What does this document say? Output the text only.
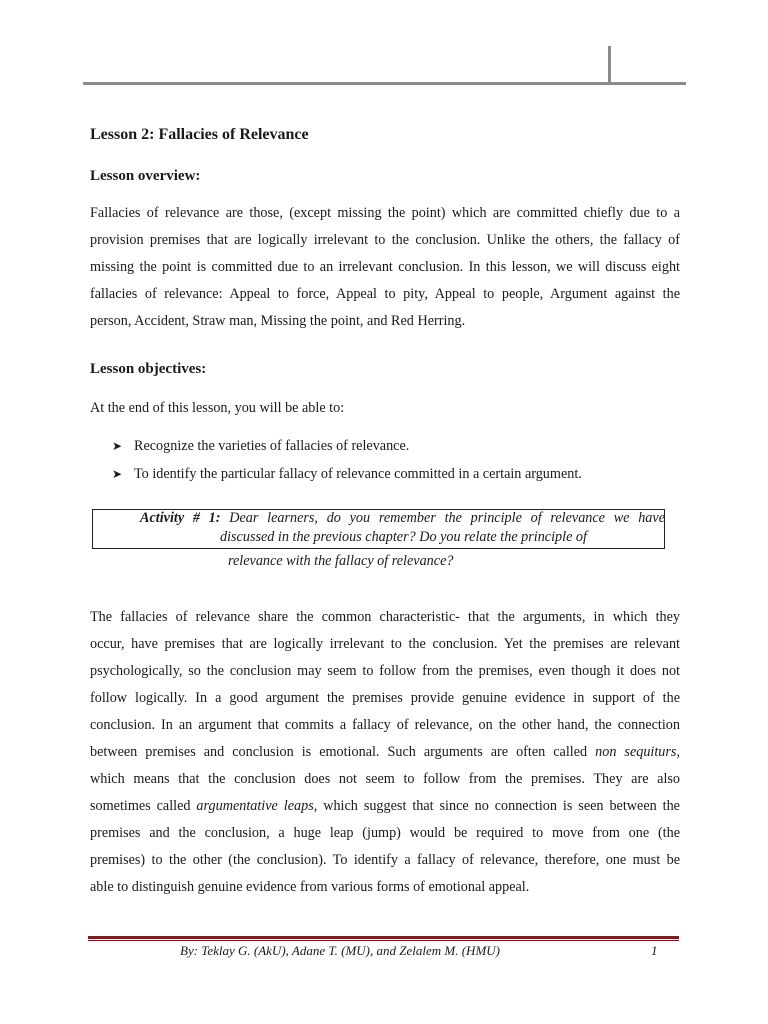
Lesson 2: Fallacies of Relevance
Lesson overview:

Fallacies of relevance are those, (except missing the point) which are committed chiefly due to a

provision premises that are logically irrelevant to the conclusion. Unlike the others, the fallacy of

missing the point is committed due to an irrelevant conclusion. In this lesson, we will discuss eight

fallacies of relevance: Appeal to force, Appeal to pity, Appeal to people, Argument against the

person, Accident, Straw man, Missing the point, and Red Herring.

Lesson objectives:

At the end of this lesson, you will be able to:

➤ Recognize the varieties of fallacies of relevance.
➤ To identify the particular fallacy of relevance committed in a certain argument.
Activity # 1: Dear learners, do you remember the principle of relevance we have
discussed in the previous chapter? Do you relate the principle of
relevance with the fallacy of relevance?

The fallacies of relevance share the common characteristic- that the arguments, in which they

occur, have premises that are logically irrelevant to the conclusion. Yet the premises are relevant

psychologically, so the conclusion may seem to follow from the premises, even though it does not

follow logically. In a good argument the premises provide genuine evidence in support of the

conclusion. In an argument that commits a fallacy of relevance, on the other hand, the connection

between premises and conclusion is emotional. Such arguments are often called non sequiturs,

which means that the conclusion does not seem to follow from the premises. They are also

sometimes called argumentative leaps, which suggest that since no connection is seen between the

premises and the conclusion, a huge leap (jump) would be required to move from one (the

premises) to the other (the conclusion). To identify a fallacy of relevance, therefore, one must be

able to distinguish genuine evidence from various forms of emotional appeal.

By: Teklay G. (AkU), Adane T. (MU), and Zelalem M. (HMU)	1
